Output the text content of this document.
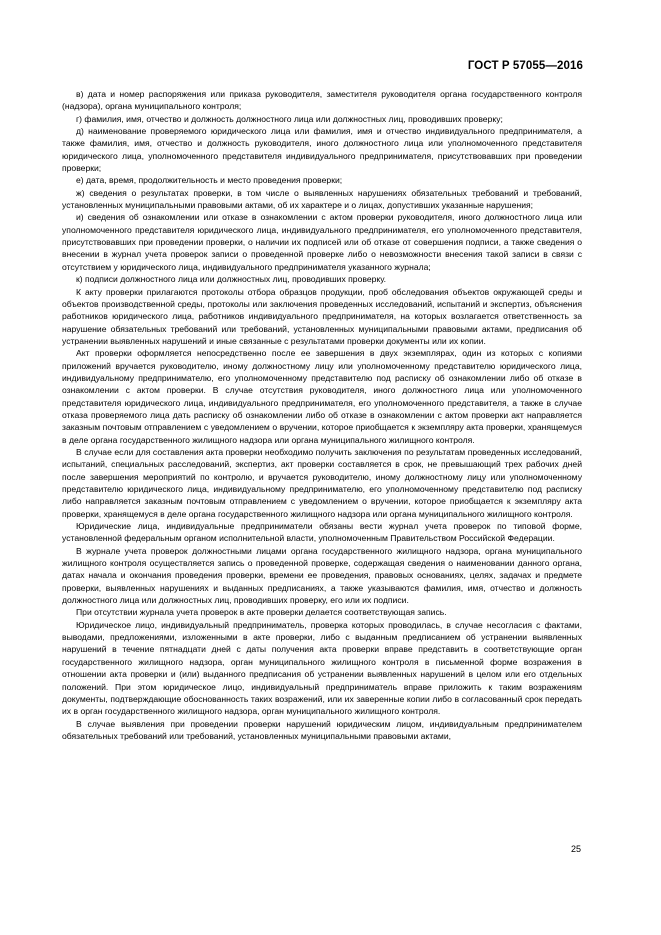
ГОСТ Р 57055—2016

в) дата и номер распоряжения или приказа руководителя, заместителя руководителя органа государственного контроля (надзора), органа муниципального контроля;

г) фамилия, имя, отчество и должность должностного лица или должностных лиц, проводивших проверку;

д) наименование проверяемого юридического лица или фамилия, имя и отчество индивидуального предпринимателя, а также фамилия, имя, отчество и должность руководителя, иного должностного лица или уполномоченного представителя юридического лица, уполномоченного представителя индивидуального предпринимателя, присутствовавших при проведении проверки;

е) дата, время, продолжительность и место проведения проверки;

ж) сведения о результатах проверки, в том числе о выявленных нарушениях обязательных требований и требований, установленных муниципальными правовыми актами, об их характере и о лицах, допустивших указанные нарушения;

и) сведения об ознакомлении или отказе в ознакомлении с актом проверки руководителя, иного должностного лица или уполномоченного представителя юридического лица, индивидуального предпринимателя, его уполномоченного представителя, присутствовавших при проведении проверки, о наличии их подписей или об отказе от совершения подписи, а также сведения о внесении в журнал учета проверок записи о проведенной проверке либо о невозможности внесения такой записи в связи с отсутствием у юридического лица, индивидуального предпринимателя указанного журнала;

к) подписи должностного лица или должностных лиц, проводивших проверку.

К акту проверки прилагаются протоколы отбора образцов продукции, проб обследования объектов окружающей среды и объектов производственной среды, протоколы или заключения проведенных исследований, испытаний и экспертиз, объяснения работников юридического лица, работников индивидуального предпринимателя, на которых возлагается ответственность за нарушение обязательных требований или требований, установленных муниципальными правовыми актами, предписания об устранении выявленных нарушений и иные связанные с результатами проверки документы или их копии.

Акт проверки оформляется непосредственно после ее завершения в двух экземплярах, один из которых с копиями приложений вручается руководителю, иному должностному лицу или уполномоченному представителю юридического лица, индивидуальному предпринимателю, его уполномоченному представителю под расписку об ознакомлении либо об отказе в ознакомлении с актом проверки. В случае отсутствия руководителя, иного должностного лица или уполномоченного представителя юридического лица, индивидуального предпринимателя, его уполномоченного представителя, а также в случае отказа проверяемого лица дать расписку об ознакомлении либо об отказе в ознакомлении с актом проверки акт направляется заказным почтовым отправлением с уведомлением о вручении, которое приобщается к экземпляру акта проверки, хранящемуся в деле органа государственного жилищного надзора или органа муниципального жилищного контроля.

В случае если для составления акта проверки необходимо получить заключения по результатам проведенных исследований, испытаний, специальных расследований, экспертиз, акт проверки составляется в срок, не превышающий трех рабочих дней после завершения мероприятий по контролю, и вручается руководителю, иному должностному лицу или уполномоченному представителю юридического лица, индивидуальному предпринимателю, его уполномоченному представителю под расписку либо направляется заказным почтовым отправлением с уведомлением о вручении, которое приобщается к экземпляру акта проверки, хранящемуся в деле органа государственного жилищного надзора или органа муниципального жилищного контроля.

Юридические лица, индивидуальные предприниматели обязаны вести журнал учета проверок по типовой форме, установленной федеральным органом исполнительной власти, уполномоченным Правительством Российской Федерации.

В журнале учета проверок должностными лицами органа государственного жилищного надзора, органа муниципального жилищного контроля осуществляется запись о проведенной проверке, содержащая сведения о наименовании данного органа, датах начала и окончания проведения проверки, времени ее проведения, правовых основаниях, целях, задачах и предмете проверки, выявленных нарушениях и выданных предписаниях, а также указываются фамилия, имя, отчество и должность должностного лица или должностных лиц, проводивших проверку, его или их подписи.

При отсутствии журнала учета проверок в акте проверки делается соответствующая запись.

Юридическое лицо, индивидуальный предприниматель, проверка которых проводилась, в случае несогласия с фактами, выводами, предложениями, изложенными в акте проверки, либо с выданным предписанием об устранении выявленных нарушений в течение пятнадцати дней с даты получения акта проверки вправе представить в соответствующие орган государственного жилищного надзора, орган муниципального жилищного контроля в письменной форме возражения в отношении акта проверки и (или) выданного предписания об устранении выявленных нарушений в целом или его отдельных положений. При этом юридическое лицо, индивидуальный предприниматель вправе приложить к таким возражениям документы, подтверждающие обоснованность таких возражений, или их заверенные копии либо в согласованный срок передать их в орган государственного жилищного надзора, орган муниципального жилищного контроля.

В случае выявления при проведении проверки нарушений юридическим лицом, индивидуальным предпринимателем обязательных требований или требований, установленных муниципальными правовыми актами,

25
